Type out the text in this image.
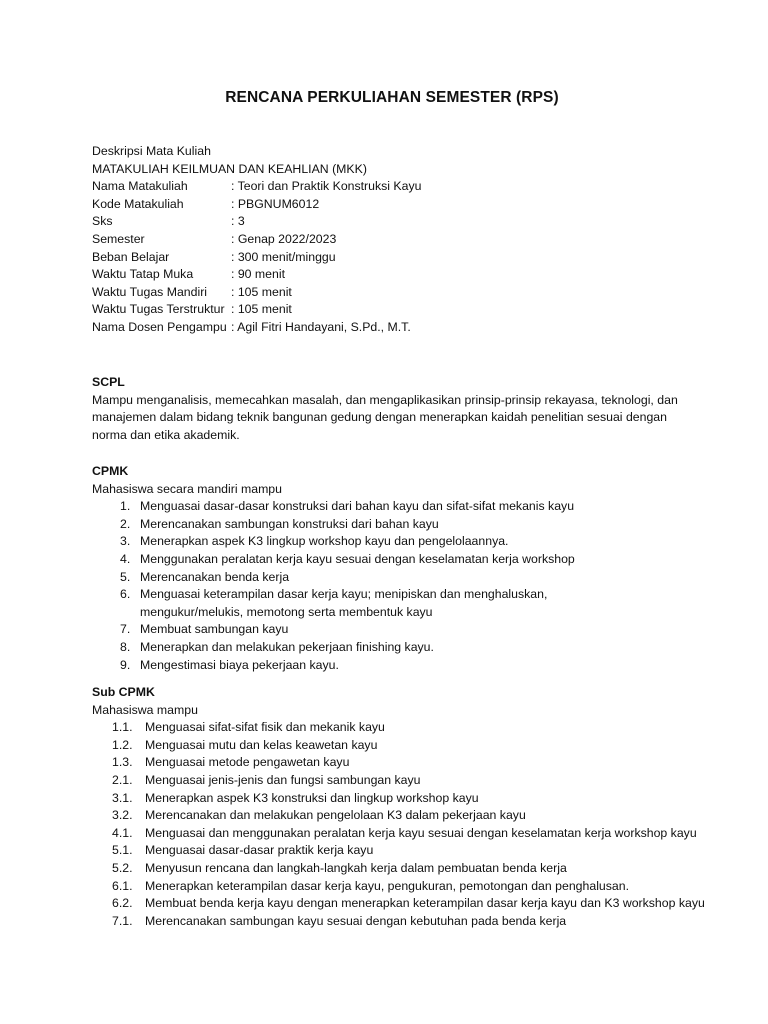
RENCANA PERKULIAHAN SEMESTER (RPS)
Deskripsi Mata Kuliah
MATAKULIAH KEILMUAN DAN KEAHLIAN (MKK)
Nama Matakuliah	: Teori dan Praktik Konstruksi Kayu
Kode Matakuliah	: PBGNUM6012
Sks	: 3
Semester	: Genap 2022/2023
Beban Belajar	: 300 menit/minggu
Waktu Tatap Muka	: 90 menit
Waktu Tugas Mandiri	: 105 menit
Waktu Tugas Terstruktur : 105 menit
Nama Dosen Pengampu : Agil Fitri Handayani, S.Pd., M.T.
SCPL
Mampu menganalisis, memecahkan masalah, dan mengaplikasikan prinsip-prinsip rekayasa, teknologi, dan manajemen dalam bidang teknik bangunan gedung dengan menerapkan kaidah penelitian sesuai dengan norma dan etika akademik.
CPMK
Mahasiswa secara mandiri mampu
1. Menguasai dasar-dasar konstruksi dari bahan kayu dan sifat-sifat mekanis kayu
2. Merencanakan sambungan konstruksi dari bahan kayu
3. Menerapkan aspek K3 lingkup workshop kayu dan pengelolaannya.
4. Menggunakan peralatan kerja kayu sesuai dengan keselamatan kerja workshop
5. Merencanakan benda kerja
6. Menguasai keterampilan dasar kerja kayu; menipiskan dan menghaluskan, mengukur/melukis, memotong serta membentuk kayu
7. Membuat sambungan kayu
8. Menerapkan dan melakukan pekerjaan finishing kayu.
9. Mengestimasi biaya pekerjaan kayu.
Sub CPMK
Mahasiswa mampu
1.1.	Menguasai sifat-sifat fisik dan mekanik kayu
1.2.	Menguasai mutu dan kelas keawetan kayu
1.3.	Menguasai metode pengawetan kayu
2.1.	Menguasai jenis-jenis dan fungsi sambungan kayu
3.1.	Menerapkan aspek K3 konstruksi dan lingkup workshop kayu
3.2.	Merencanakan dan melakukan pengelolaan K3 dalam pekerjaan kayu
4.1.	Menguasai dan menggunakan peralatan kerja kayu sesuai dengan keselamatan kerja workshop kayu
5.1.	Menguasai dasar-dasar praktik kerja kayu
5.2.	Menyusun rencana dan langkah-langkah kerja dalam pembuatan benda kerja
6.1.	Menerapkan keterampilan dasar kerja kayu, pengukuran, pemotongan dan penghalusan.
6.2.	Membuat benda kerja kayu dengan menerapkan keterampilan dasar kerja kayu dan K3 workshop kayu
7.1.	Merencanakan sambungan kayu sesuai dengan kebutuhan pada benda kerja
